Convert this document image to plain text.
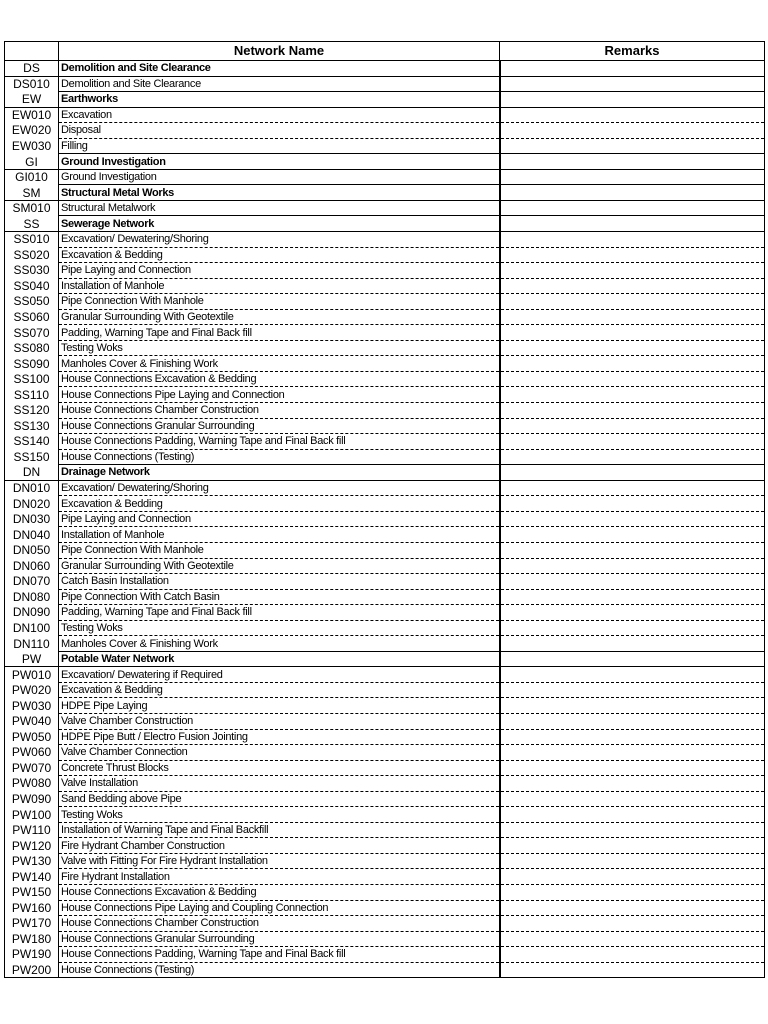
	Network Name	Remarks
DS	Demolition and Site Clearance	
DS010	Demolition and Site Clearance	
EW	Earthworks	
EW010	Excavation	
EW020	Disposal	
EW030	Filling	
GI	Ground Investigation	
GI010	Ground Investigation	
SM	Structural Metal Works	
SM010	Structural Metalwork	
SS	Sewerage Network	
SS010	Excavation/ Dewatering/Shoring	
SS020	Excavation & Bedding	
SS030	Pipe Laying and Connection	
SS040	Installation of Manhole	
SS050	Pipe Connection With Manhole	
SS060	Granular Surrounding With Geotextile	
SS070	Padding, Warning Tape and Final Back fill	
SS080	Testing Woks	
SS090	Manholes Cover & Finishing Work	
SS100	House Connections Excavation & Bedding	
SS110	House Connections Pipe Laying and Connection	
SS120	House Connections Chamber Construction	
SS130	House Connections Granular Surrounding	
SS140	House Connections Padding, Warning Tape and Final Back fill	
SS150	House Connections (Testing)	
DN	Drainage Network	
DN010	Excavation/ Dewatering/Shoring	
DN020	Excavation & Bedding	
DN030	Pipe Laying and Connection	
DN040	Installation of Manhole	
DN050	Pipe Connection With Manhole	
DN060	Granular Surrounding With Geotextile	
DN070	Catch Basin Installation	
DN080	Pipe Connection With Catch Basin	
DN090	Padding, Warning Tape and Final Back fill	
DN100	Testing Woks	
DN110	Manholes Cover & Finishing Work	
PW	Potable Water Network	
PW010	Excavation/ Dewatering if Required	
PW020	Excavation & Bedding	
PW030	HDPE Pipe Laying	
PW040	Valve Chamber Construction	
PW050	HDPE Pipe Butt / Electro Fusion Jointing	
PW060	Valve Chamber Connection	
PW070	Concrete Thrust Blocks	
PW080	Valve Installation	
PW090	Sand Bedding above Pipe	
PW100	Testing Woks	
PW110	Installation of Warning Tape and Final Backfill	
PW120	Fire Hydrant Chamber Construction	
PW130	Valve with Fitting For Fire Hydrant Installation	
PW140	Fire Hydrant Installation	
PW150	House Connections Excavation & Bedding	
PW160	House Connections Pipe Laying and Coupling Connection	
PW170	House Connections Chamber Construction	
PW180	House Connections Granular Surrounding	
PW190	House Connections Padding, Warning Tape and Final Back fill	
PW200	House Connections (Testing)	
